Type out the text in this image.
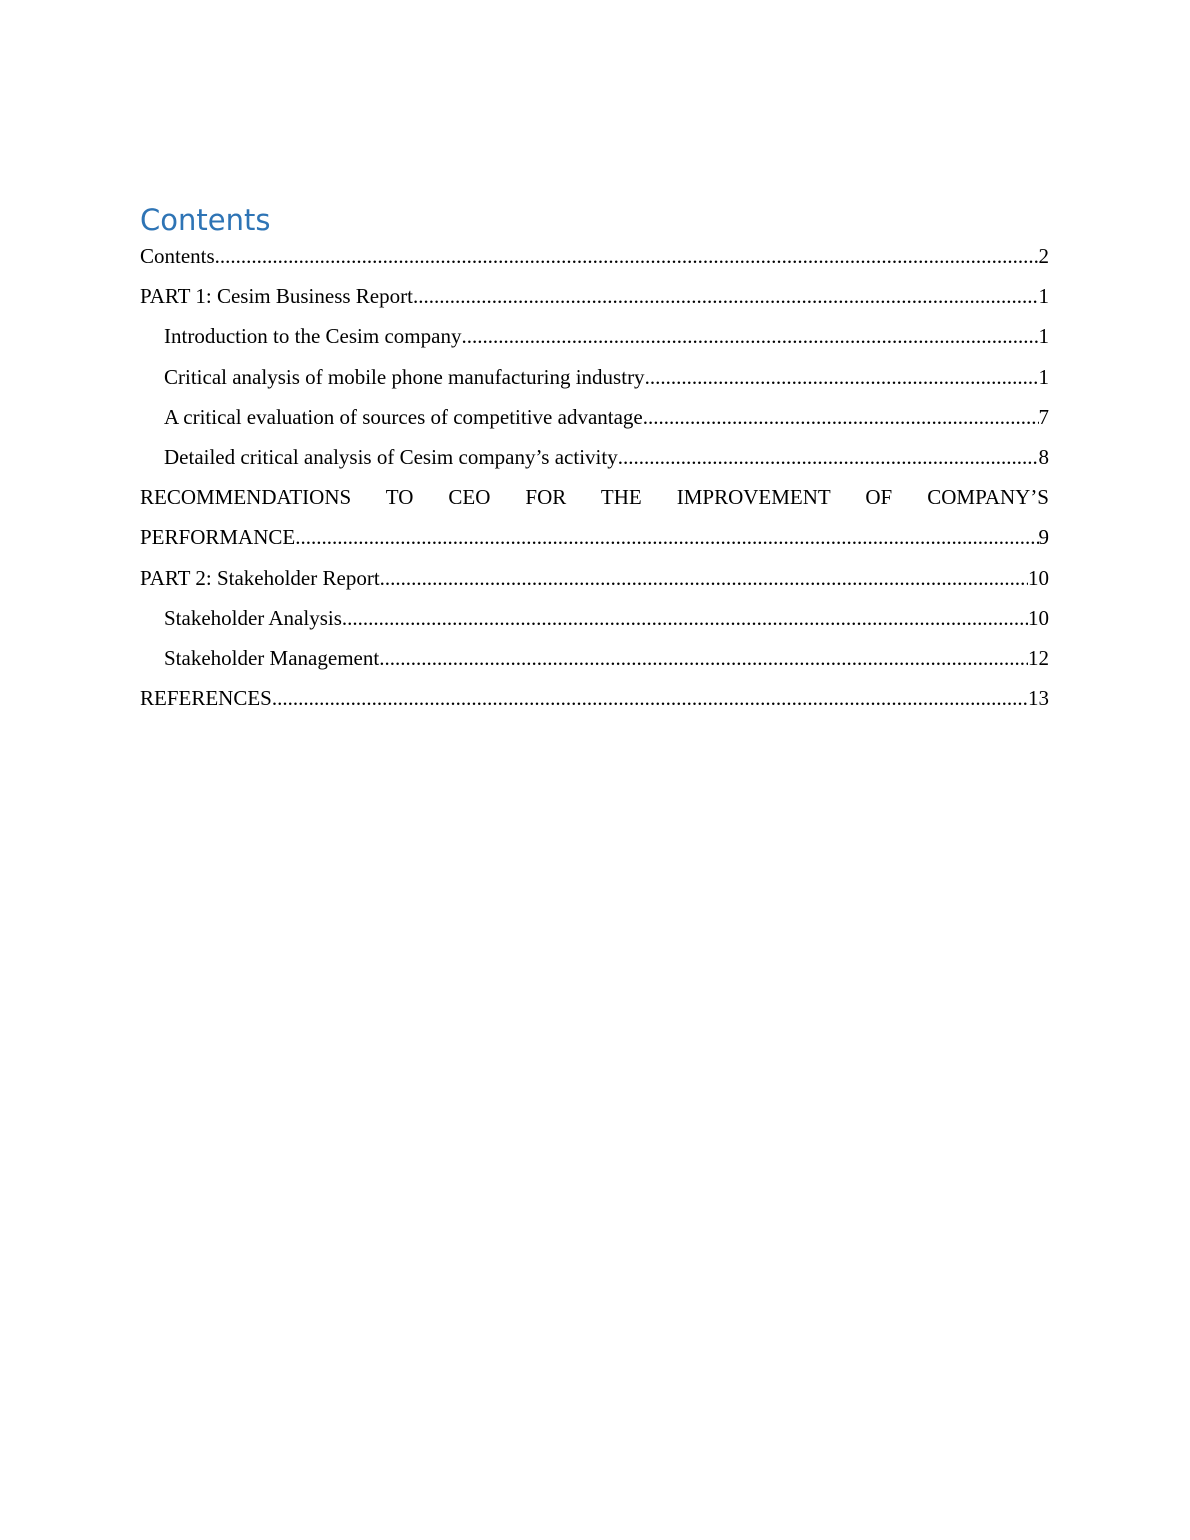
Contents
Contents .....	2
PART 1: Cesim Business Report .....	1
Introduction to the Cesim company .....	1
Critical analysis of mobile phone manufacturing industry .....	1
A critical evaluation of sources of competitive advantage .....	7
Detailed critical analysis of Cesim company’s activity .....	8
RECOMMENDATIONS TO CEO FOR THE IMPROVEMENT OF COMPANY’S
PERFORMANCE .....	9
PART 2: Stakeholder Report .....	10
Stakeholder Analysis .....	10
Stakeholder Management .....	12
REFERENCES .....	13
